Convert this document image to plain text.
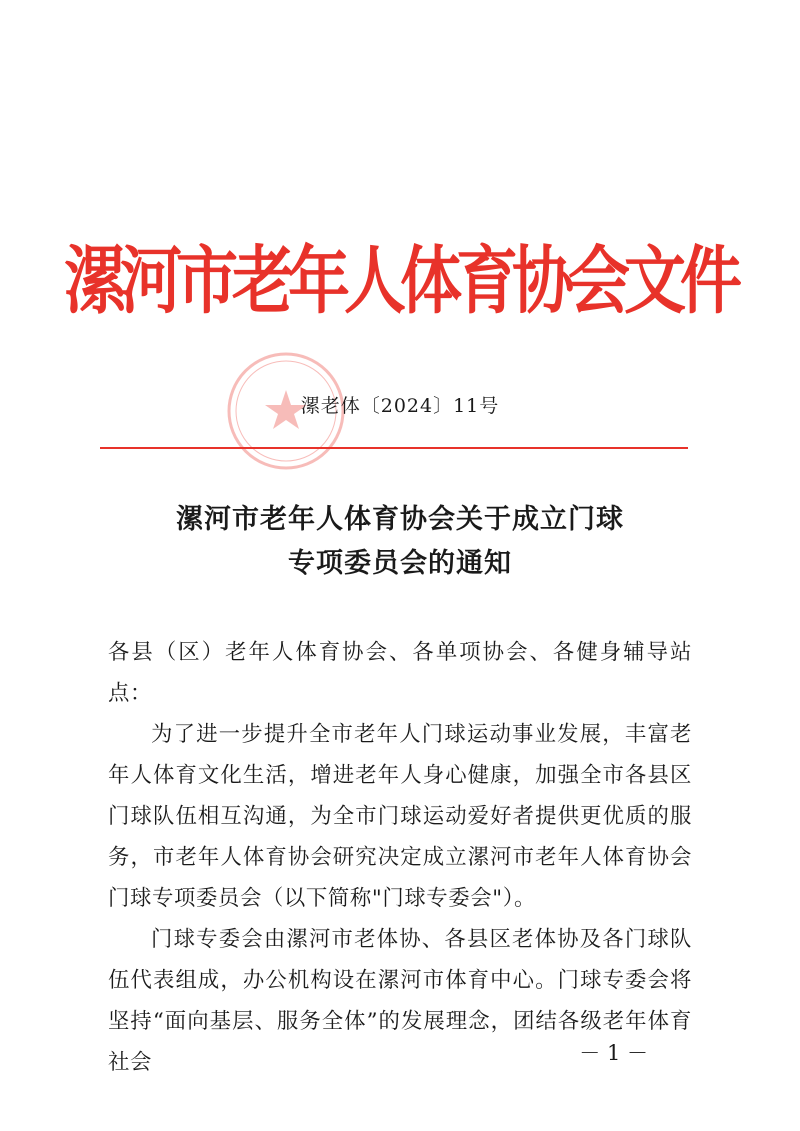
漯河市老年人体育协会文件
漯老体〔2024〕11号
漯河市老年人体育协会关于成立门球
专项委员会的通知

各县（区）老年人体育协会、各单项协会、各健身辅导站点：

为了进一步提升全市老年人门球运动事业发展，丰富老年人体育文化生活，增进老年人身心健康，加强全市各县区门球队伍相互沟通，为全市门球运动爱好者提供更优质的服务，市老年人体育协会研究决定成立漯河市老年人体育协会门球专项委员会（以下简称"门球专委会"）。

门球专委会由漯河市老体协、各县区老体协及各门球队伍代表组成，办公机构设在漯河市体育中心。门球专委会将坚持“面向基层、服务全体”的发展理念，团结各级老年体育社会	－ 1 －
